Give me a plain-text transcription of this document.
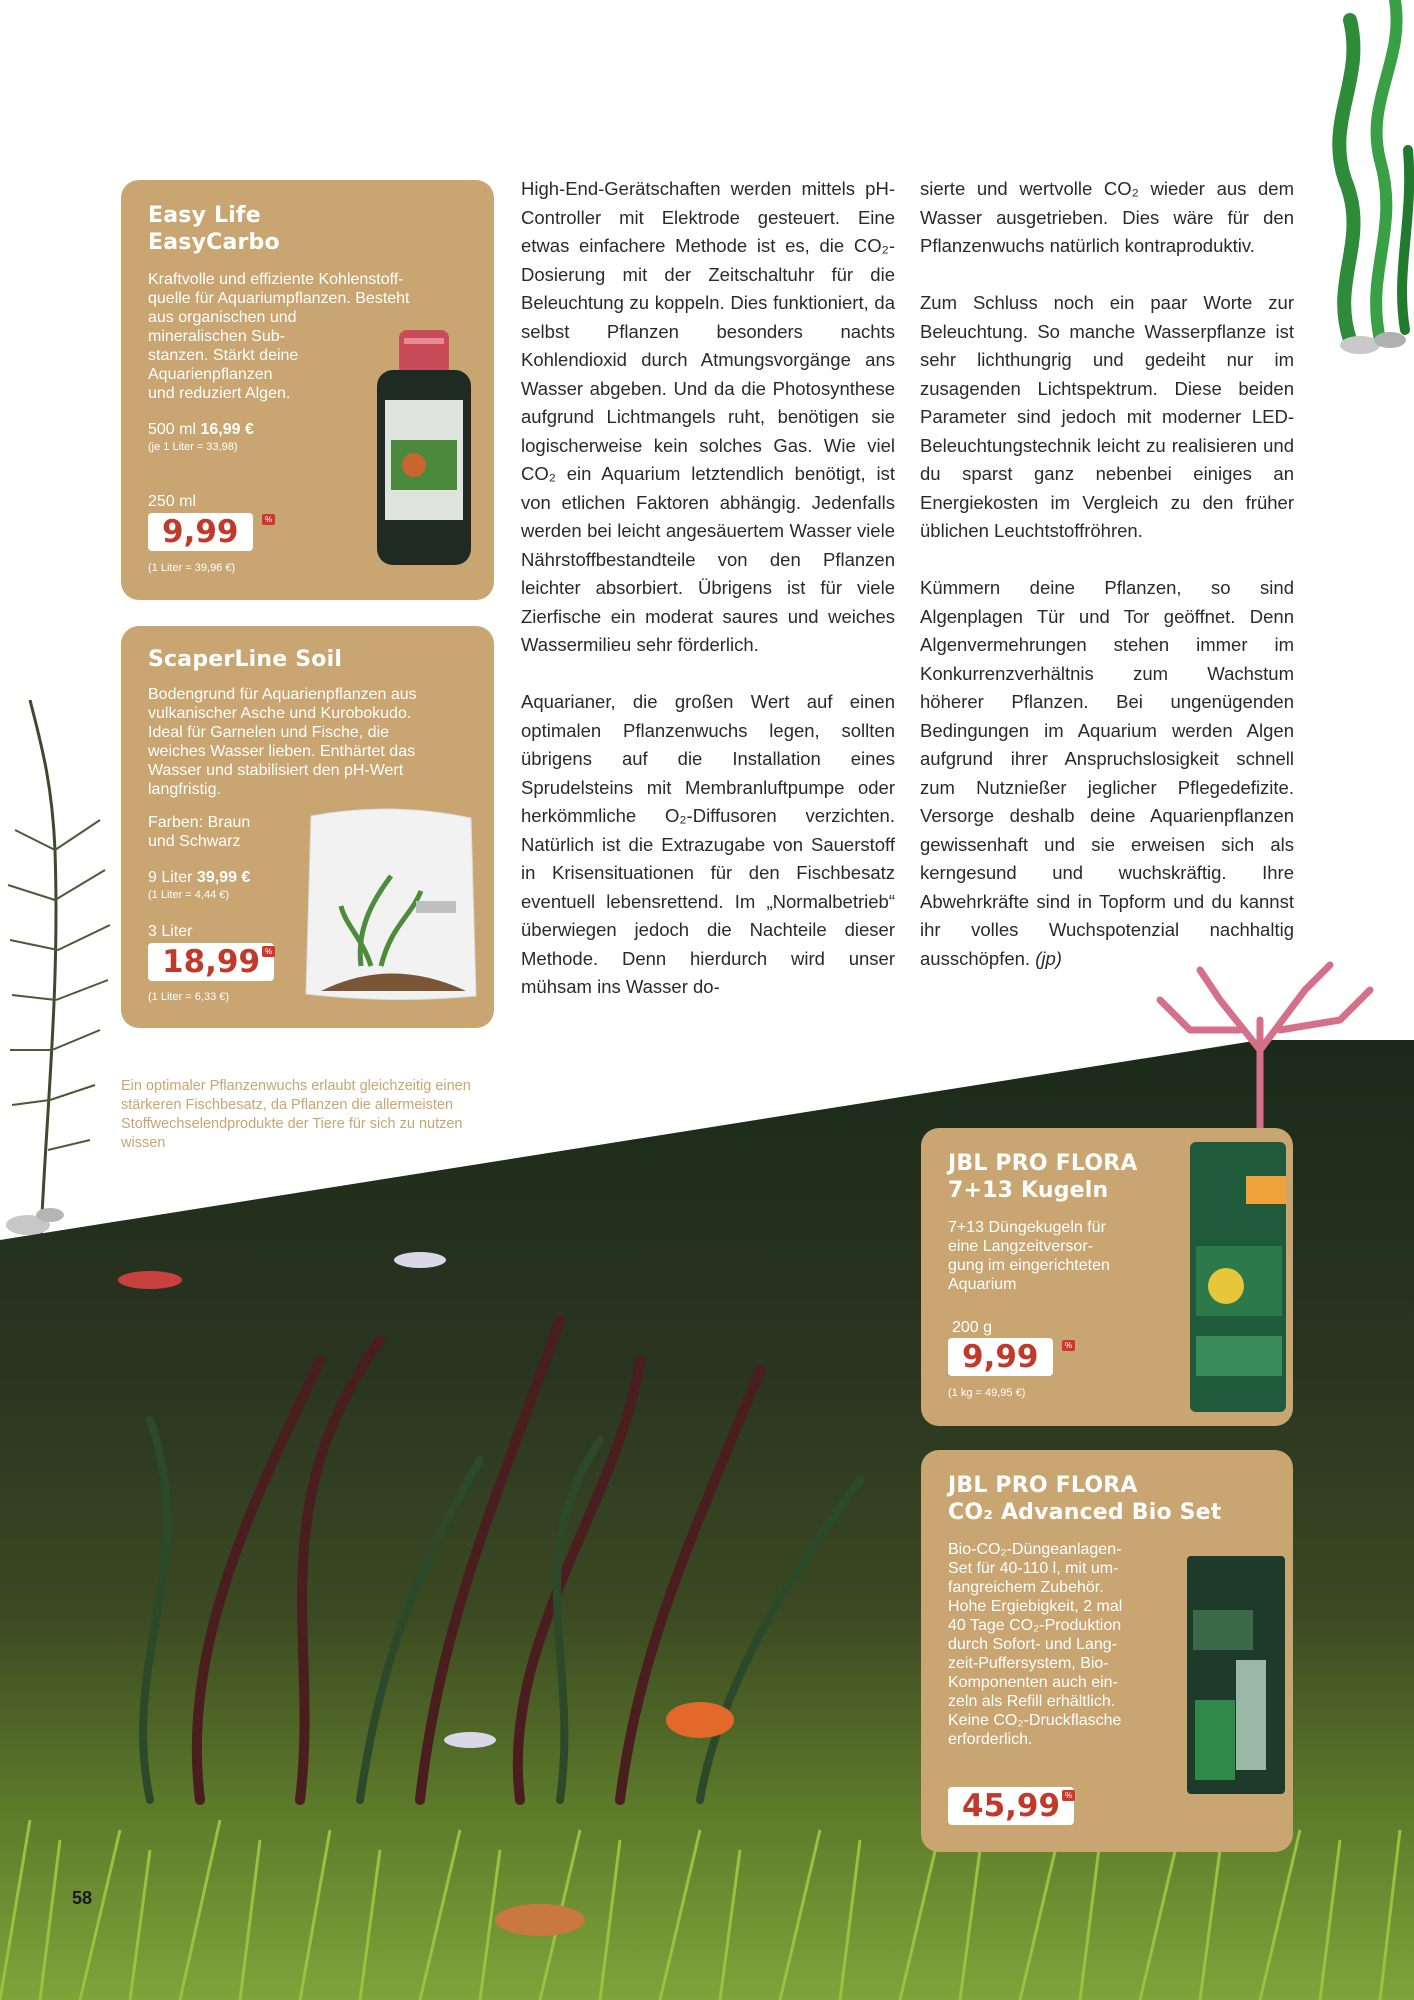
Easy Life
EasyCarbo
Kraftvolle und effiziente Kohlenstoff-
quelle für Aquariumpflanzen. Besteht
aus organischen und
mineralischen Sub-
stanzen. Stärkt deine
Aquarienpflanzen
und reduziert Algen.
500 ml 16,99 €
(je 1 Liter = 33,98)
250 ml
9,99	%
(1 Liter = 39,96 €)
ScaperLine Soil
Bodengrund für Aquarienpflanzen aus
vulkanischer Asche und Kurobokudo.
Ideal für Garnelen und Fische, die
weiches Wasser lieben. Enthärtet das
Wasser und stabilisiert den pH-Wert
langfristig.
Farben: Braun
und Schwarz
9 Liter 39,99 €
(1 Liter = 4,44 €)
3 Liter
18,99 %
(1 Liter = 6,33 €)

High-End-Gerätschaften werden mittels pH-Controller mit Elektrode gesteuert. Eine etwas einfachere Methode ist es, die CO₂-Dosierung mit der Zeitschaltuhr für die Beleuchtung zu koppeln. Dies funktioniert, da selbst Pflanzen besonders nachts Kohlendioxid durch Atmungsvorgänge ans Wasser abgeben. Und da die Photosynthese aufgrund Lichtmangels ruht, benötigen sie logischerweise kein solches Gas. Wie viel CO₂ ein Aquarium letztendlich benötigt, ist von etlichen Faktoren abhängig. Jedenfalls werden bei leicht angesäuertem Wasser viele Nährstoffbestandteile von den Pflanzen leichter absorbiert. Übrigens ist für viele Zierfische ein moderat saures und weiches Wassermilieu sehr förderlich.

Aquarianer, die großen Wert auf einen optimalen Pflanzenwuchs legen, sollten übrigens auf die Installation eines Sprudelsteins mit Membranluftpumpe oder herkömmliche O₂-Diffusoren verzichten. Natürlich ist die Extrazugabe von Sauerstoff in Krisensituationen für den Fischbesatz eventuell lebensrettend. Im „Normalbetrieb“ überwiegen jedoch die Nachteile dieser Methode. Denn hierdurch wird unser mühsam ins Wasser do-

sierte und wertvolle CO₂ wieder aus dem Wasser ausgetrieben. Dies wäre für den Pflanzenwuchs natürlich kontraproduktiv.

Zum Schluss noch ein paar Worte zur Beleuchtung. So manche Wasserpflanze ist sehr lichthungrig und gedeiht nur im zusagenden Lichtspektrum. Diese beiden Parameter sind jedoch mit moderner LED-Beleuchtungstechnik leicht zu realisieren und du sparst ganz nebenbei einiges an Energiekosten im Vergleich zu den früher üblichen Leuchtstoffröhren.

Kümmern deine Pflanzen, so sind Algenplagen Tür und Tor geöffnet. Denn Algenvermehrungen stehen immer im Konkurrenzverhältnis zum Wachstum höherer Pflanzen. Bei ungenügenden Bedingungen im Aquarium werden Algen aufgrund ihrer Anspruchslosigkeit schnell zum Nutznießer jeglicher Pflegedefizite. Versorge deshalb deine Aquarienpflanzen gewissenhaft und sie erweisen sich als kerngesund und wuchskräftig. Ihre Abwehrkräfte sind in Topform und du kannst ihr volles Wuchspotenzial nachhaltig ausschöpfen. (jp)

Ein optimaler Pflanzenwuchs erlaubt gleichzeitig einen stärkeren Fischbesatz, da Pflanzen die allermeisten Stoffwechselendprodukte der Tiere für sich zu nutzen wissen
JBL PRO FLORA
7+13 Kugeln
7+13 Düngekugeln für
eine Langzeitversor-
gung im eingerichteten
Aquarium
200 g
9,99	%
(1 kg = 49,95 €)
JBL PRO FLORA
CO₂ Advanced Bio Set
Bio-CO₂-Düngeanlagen-
Set für 40-110 l, mit um-
fangreichem Zubehör.
Hohe Ergiebigkeit, 2 mal
40 Tage CO₂-Produktion
durch Sofort- und Lang-
zeit-Puffersystem, Bio-
Komponenten auch ein-
zeln als Refill erhältlich.
Keine CO₂-Druckflasche
erforderlich.
45,99 %
58
